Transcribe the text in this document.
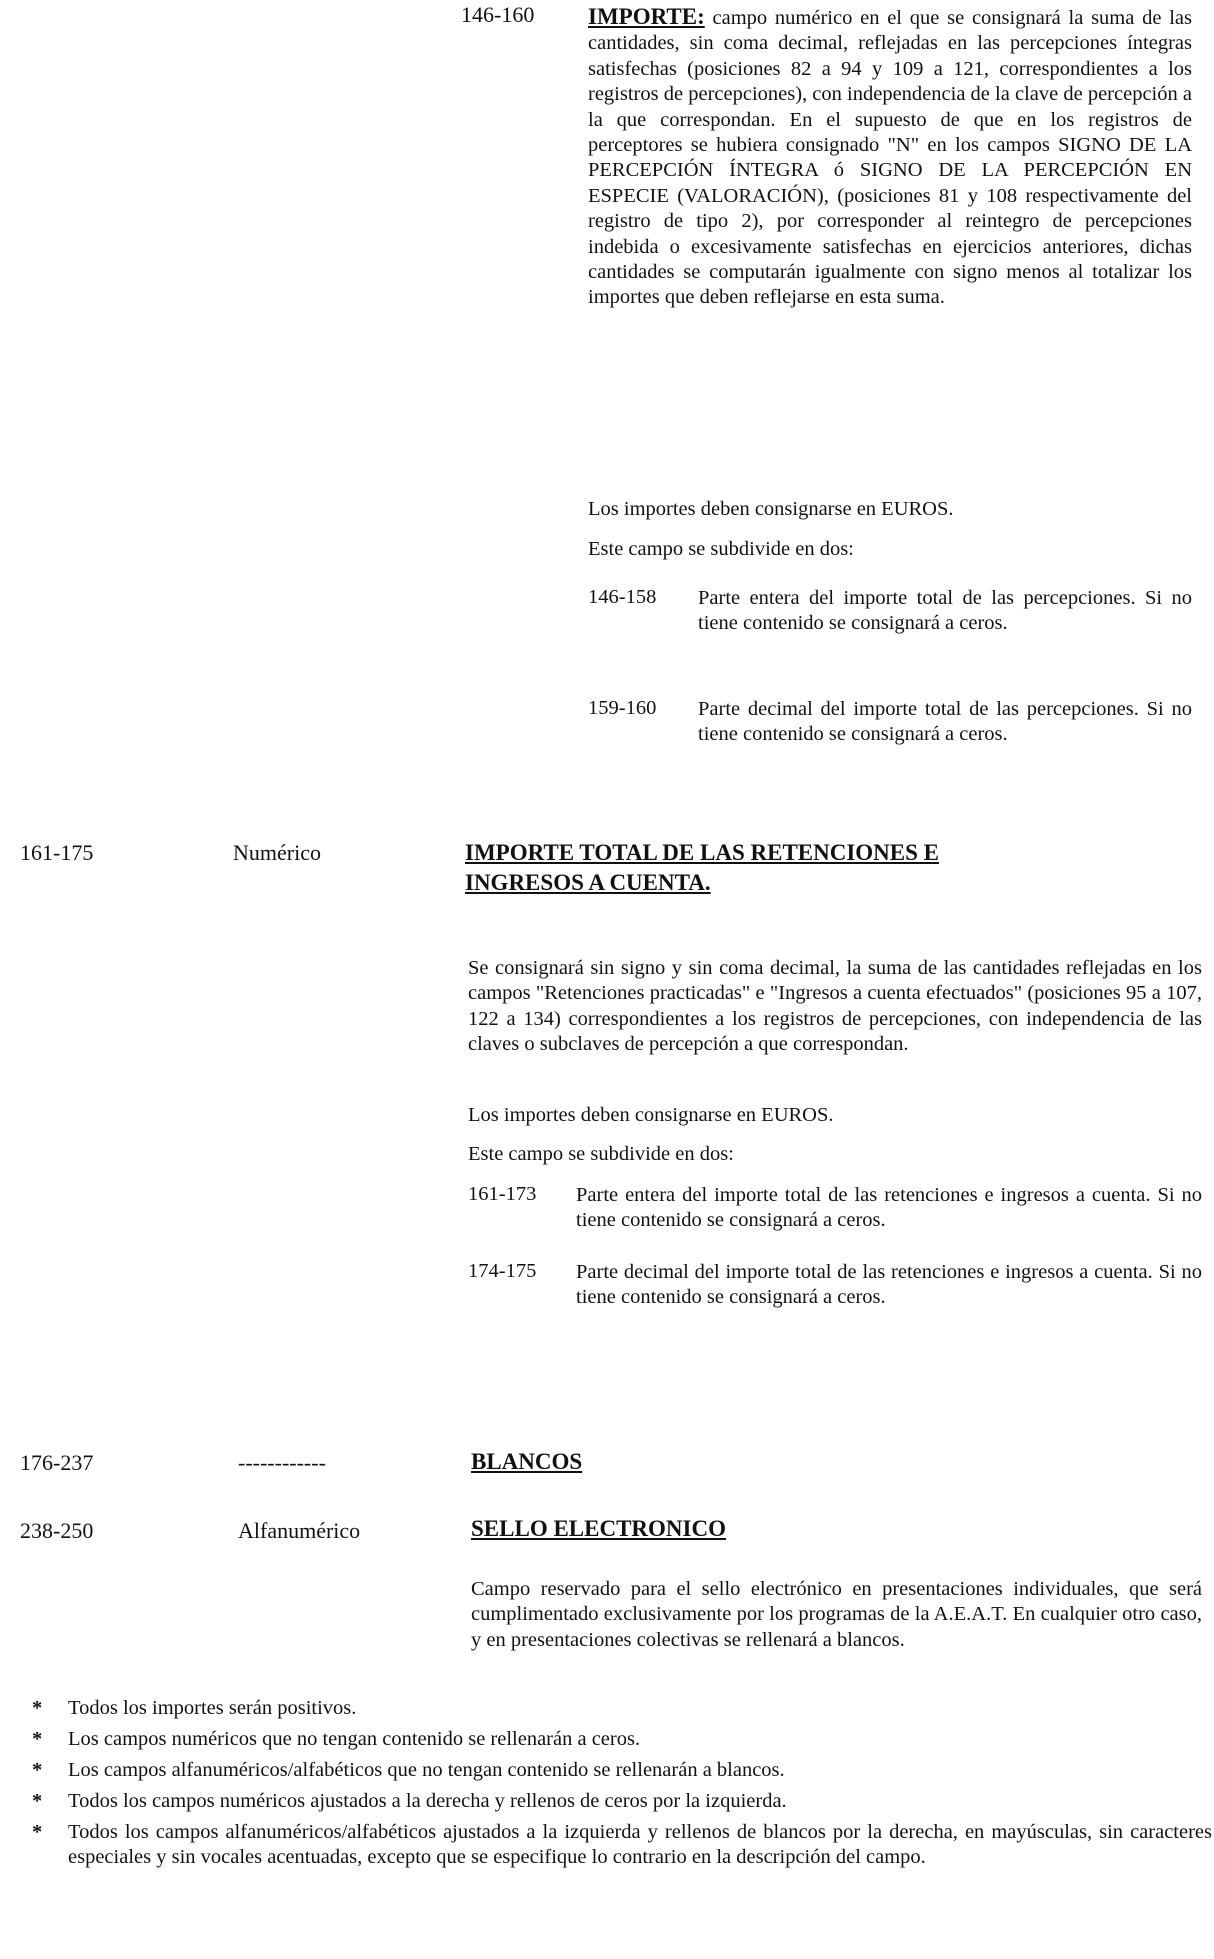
146-160 IMPORTE: campo numérico en el que se consignará la suma de las cantidades, sin coma decimal, reflejadas en las percepciones íntegras satisfechas (posiciones 82 a 94 y 109 a 121, correspondientes a los registros de percepciones), con independencia de la clave de percepción a la que correspondan. En el supuesto de que en los registros de perceptores se hubiera consignado "N" en los campos SIGNO DE LA PERCEPCIÓN ÍNTEGRA ó SIGNO DE LA PERCEPCIÓN EN ESPECIE (VALORACIÓN), (posiciones 81 y 108 respectivamente del registro de tipo 2), por corresponder al reintegro de percepciones indebida o excesivamente satisfechas en ejercicios anteriores, dichas cantidades se computarán igualmente con signo menos al totalizar los importes que deben reflejarse en esta suma.
Los importes deben consignarse en EUROS.
Este campo se subdivide en dos:
146-158 Parte entera del importe total de las percepciones. Si no tiene contenido se consignará a ceros.
159-160 Parte decimal del importe total de las percepciones. Si no tiene contenido se consignará a ceros.
161-175	Numérico	IMPORTE TOTAL DE LAS RETENCIONES E
INGRESOS A CUENTA.
Se consignará sin signo y sin coma decimal, la suma de las cantidades reflejadas en los campos "Retenciones practicadas" e "Ingresos a cuenta efectuados" (posiciones 95 a 107, 122 a 134) correspondientes a los registros de percepciones, con independencia de las claves o subclaves de percepción a que correspondan.
Los importes deben consignarse en EUROS.
Este campo se subdivide en dos:
161-173 Parte entera del importe total de las retenciones e ingresos a cuenta. Si no tiene contenido se consignará a ceros.
174-175 Parte decimal del importe total de las retenciones e ingresos a cuenta. Si no tiene contenido se consignará a ceros.
176-237	------------	BLANCOS
238-250	Alfanumérico	SELLO ELECTRONICO
Campo reservado para el sello electrónico en presentaciones individuales, que será cumplimentado exclusivamente por los programas de la A.E.A.T. En cualquier otro caso, y en presentaciones colectivas se rellenará a blancos.
* Todos los importes serán positivos.
* Los campos numéricos que no tengan contenido se rellenarán a ceros.
* Los campos alfanuméricos/alfabéticos que no tengan contenido se rellenarán a blancos.
* Todos los campos numéricos ajustados a la derecha y rellenos de ceros por la izquierda.
* Todos los campos alfanuméricos/alfabéticos ajustados a la izquierda y rellenos de blancos por la derecha, en mayúsculas, sin caracteres especiales y sin vocales acentuadas, excepto que se especifique lo contrario en la descripción del campo.
